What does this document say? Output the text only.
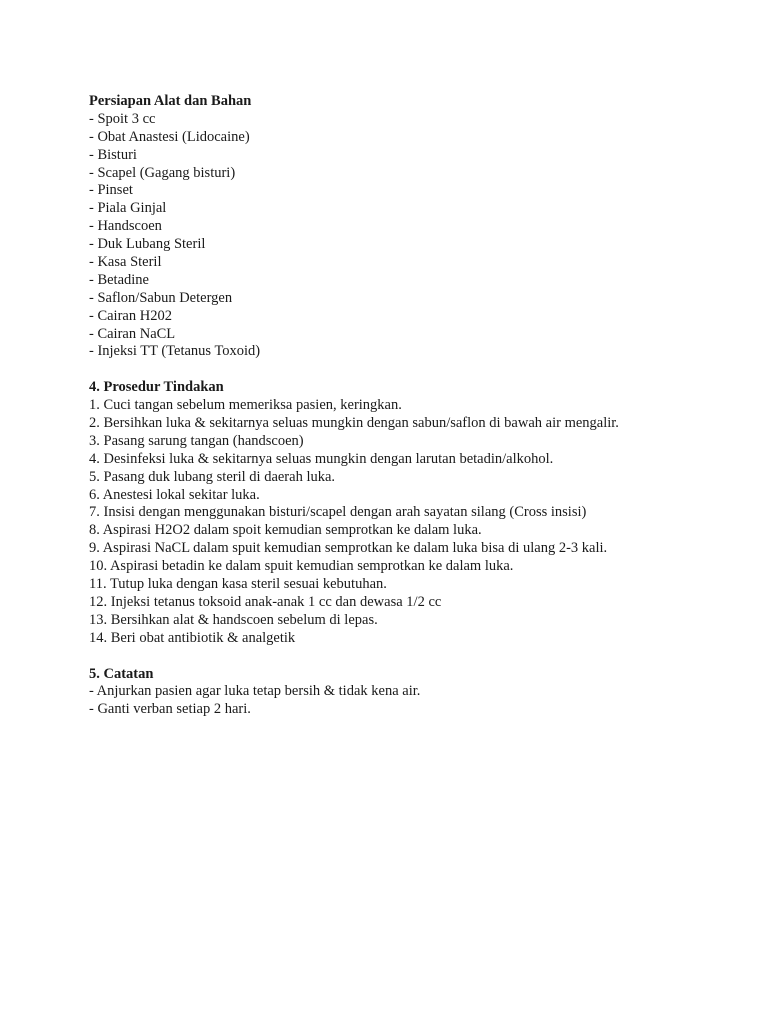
Persiapan Alat dan Bahan
- Spoit 3 cc
- Obat Anastesi (Lidocaine)
- Bisturi
- Scapel (Gagang bisturi)
- Pinset
- Piala Ginjal
- Handscoen
- Duk Lubang Steril
- Kasa Steril
- Betadine
- Saflon/Sabun Detergen
- Cairan H202
- Cairan NaCL
- Injeksi TT (Tetanus Toxoid)
4. Prosedur Tindakan
1. Cuci tangan sebelum memeriksa pasien, keringkan.
2. Bersihkan luka & sekitarnya seluas mungkin dengan sabun/saflon di bawah air mengalir.
3. Pasang sarung tangan (handscoen)
4. Desinfeksi luka & sekitarnya seluas mungkin dengan larutan betadin/alkohol.
5. Pasang duk lubang steril di daerah luka.
6. Anestesi lokal sekitar luka.
7. Insisi dengan menggunakan bisturi/scapel dengan arah sayatan silang (Cross insisi)
8. Aspirasi H2O2 dalam spoit kemudian semprotkan ke dalam luka.
9. Aspirasi NaCL dalam spuit kemudian semprotkan ke dalam luka bisa di ulang 2-3 kali.
10. Aspirasi betadin ke dalam spuit kemudian semprotkan ke dalam luka.
11. Tutup luka dengan kasa steril sesuai kebutuhan.
12. Injeksi tetanus toksoid anak-anak 1 cc dan dewasa 1/2 cc
13. Bersihkan alat & handscoen sebelum di lepas.
14. Beri obat antibiotik & analgetik
5. Catatan
- Anjurkan pasien agar luka tetap bersih & tidak kena air.
- Ganti verban setiap 2 hari.
